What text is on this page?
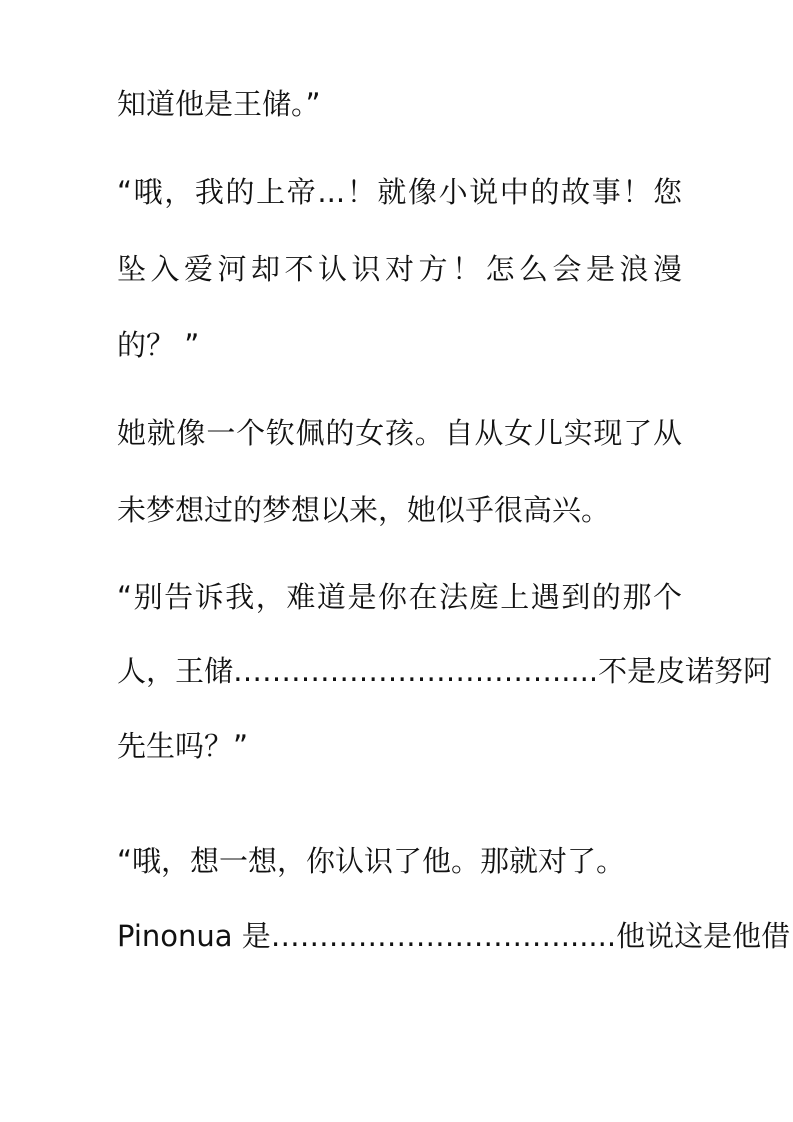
知道他是王储。”
“哦，我的上帝...！就像小说中的故事！您
坠入爱河却不认识对方！怎么会是浪漫
的？ ”
她就像一个钦佩的女孩。自从女儿实现了从
未梦想过的梦想以来，她似乎很高兴。
“别告诉我，难道是你在法庭上遇到的那个
人，王储…………………………….....不是皮诺努阿
先生吗？”
“哦，想一想，你认识了他。那就对了。
Pinonua 是…………………………......他说这是他借
